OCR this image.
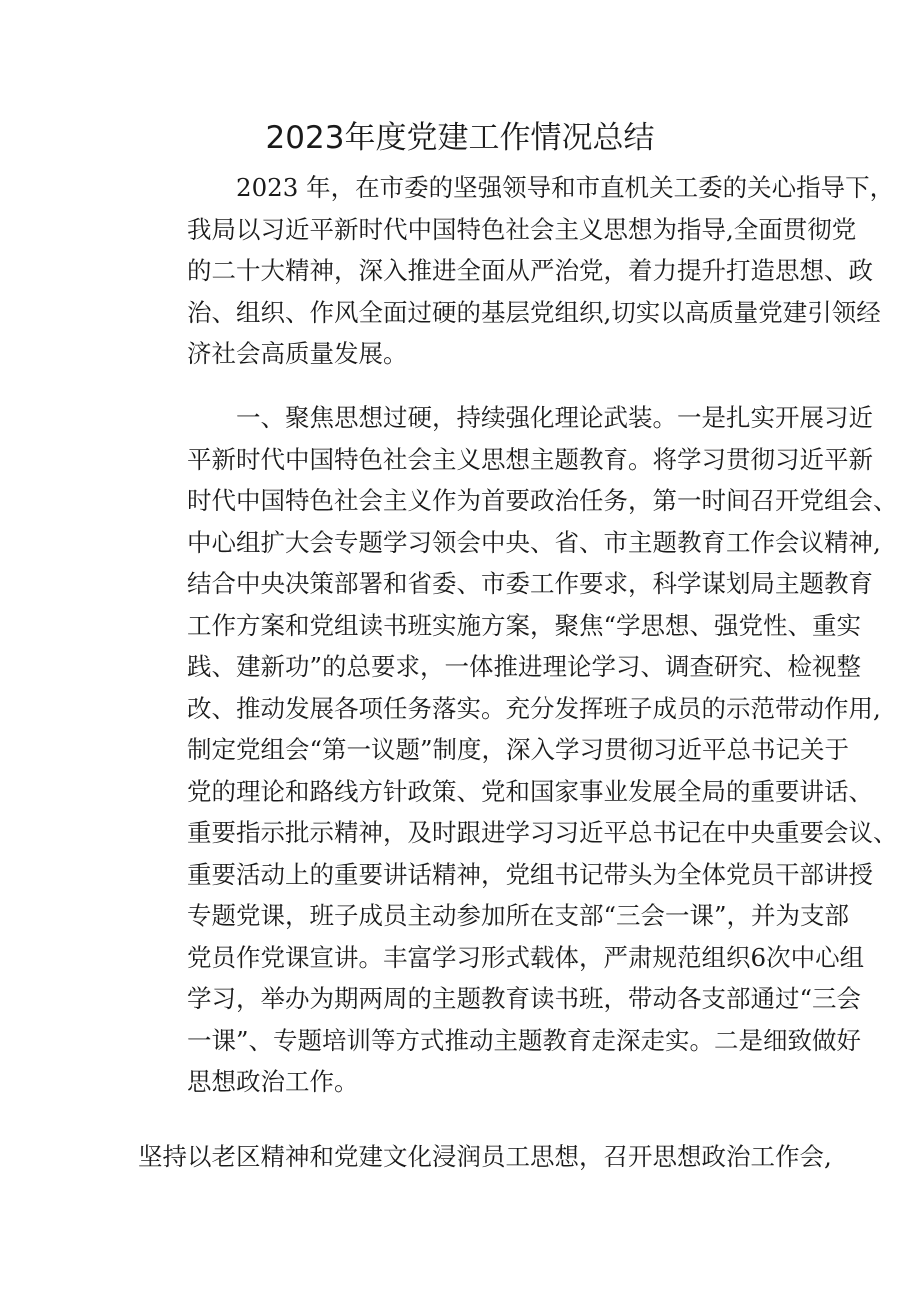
2023年度党建工作情况总结
2023 年，在市委的坚强领导和市直机关工委的关心指导下，
我局以习近平新时代中国特色社会主义思想为指导,全面贯彻党
的二十大精神，深入推进全面从严治党，着力提升打造思想、政
治、组织、作风全面过硬的基层党组织,切实以高质量党建引领经
济社会高质量发展。
一、聚焦思想过硬，持续强化理论武装。一是扎实开展习近
平新时代中国特色社会主义思想主题教育。将学习贯彻习近平新
时代中国特色社会主义作为首要政治任务，第一时间召开党组会、
中心组扩大会专题学习领会中央、省、市主题教育工作会议精神,
结合中央决策部署和省委、市委工作要求，科学谋划局主题教育
工作方案和党组读书班实施方案，聚焦“学思想、强党性、重实
践、建新功”的总要求，一体推进理论学习、调查研究、检视整
改、推动发展各项任务落实。充分发挥班子成员的示范带动作用,
制定党组会“第一议题”制度，深入学习贯彻习近平总书记关于
党的理论和路线方针政策、党和国家事业发展全局的重要讲话、
重要指示批示精神，及时跟进学习习近平总书记在中央重要会议、
重要活动上的重要讲话精神，党组书记带头为全体党员干部讲授
专题党课，班子成员主动参加所在支部“三会一课”，并为支部
党员作党课宣讲。丰富学习形式载体，严肃规范组织6次中心组
学习，举办为期两周的主题教育读书班，带动各支部通过“三会
一课”、专题培训等方式推动主题教育走深走实。二是细致做好
思想政治工作。
坚持以老区精神和党建文化浸润员工思想，召开思想政治工作会,
